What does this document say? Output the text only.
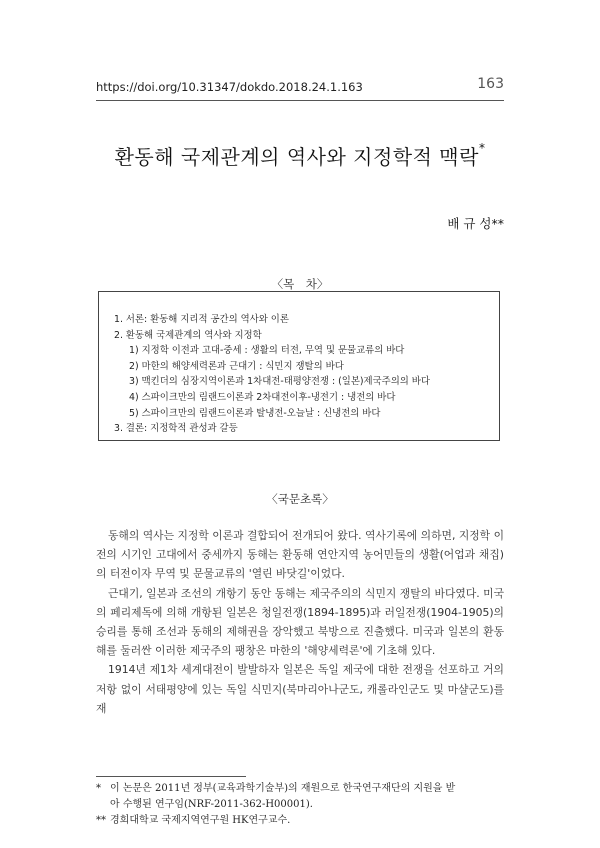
https://doi.org/10.31347/dokdo.2018.24.1.163	163
환동해 국제관계의 역사와 지정학적 맥락*
배 규 성**
〈목　차〉
1. 서론: 환동해 지리적 공간의 역사와 이론
2. 환동해 국제관계의 역사와 지정학
1) 지정학 이전과 고대-중세 : 생활의 터전, 무역 및 문물교류의 바다
2) 마한의 해양세력론과 근대기 : 식민지 쟁탈의 바다
3) 맥킨더의 심장지역이론과 1차대전-태평양전쟁 : (일본)제국주의의 바다
4) 스파이크만의 림랜드이론과 2차대전이후-냉전기 : 냉전의 바다
5) 스파이크만의 림랜드이론과 탈냉전-오늘날 : 신냉전의 바다
3. 결론: 지정학적 관성과 갈등
〈국문초록〉

동해의 역사는 지정학 이론과 결합되어 전개되어 왔다. 역사기록에 의하면, 지정학 이전의 시기인 고대에서 중세까지 동해는 환동해 연안지역 농어민들의 생활(어업과 채집)의 터전이자 무역 및 문물교류의 '열린 바닷길'이었다.

근대기, 일본과 조선의 개항기 동안 동해는 제국주의의 식민지 쟁탈의 바다였다. 미국의 페리제독에 의해 개항된 일본은 청일전쟁(1894-1895)과 러일전쟁(1904-1905)의 승리를 통해 조선과 동해의 제해권을 장악했고 북방으로 진출했다. 미국과 일본의 환동해를 둘러싼 이러한 제국주의 팽창은 마한의 '해양세력론'에 기초해 있다.

1914년 제1차 세계대전이 발발하자 일본은 독일 제국에 대한 전쟁을 선포하고 거의 저항 없이 서태평양에 있는 독일 식민지(북마리아나군도, 캐롤라인군도 및 마샬군도)를 재

* 이 논문은 2011년 정부(교육과학기술부)의 재원으로 한국연구재단의 지원을 받
아 수행된 연구임(NRF-2011-362-H00001).
** 경희대학교 국제지역연구원 HK연구교수.
